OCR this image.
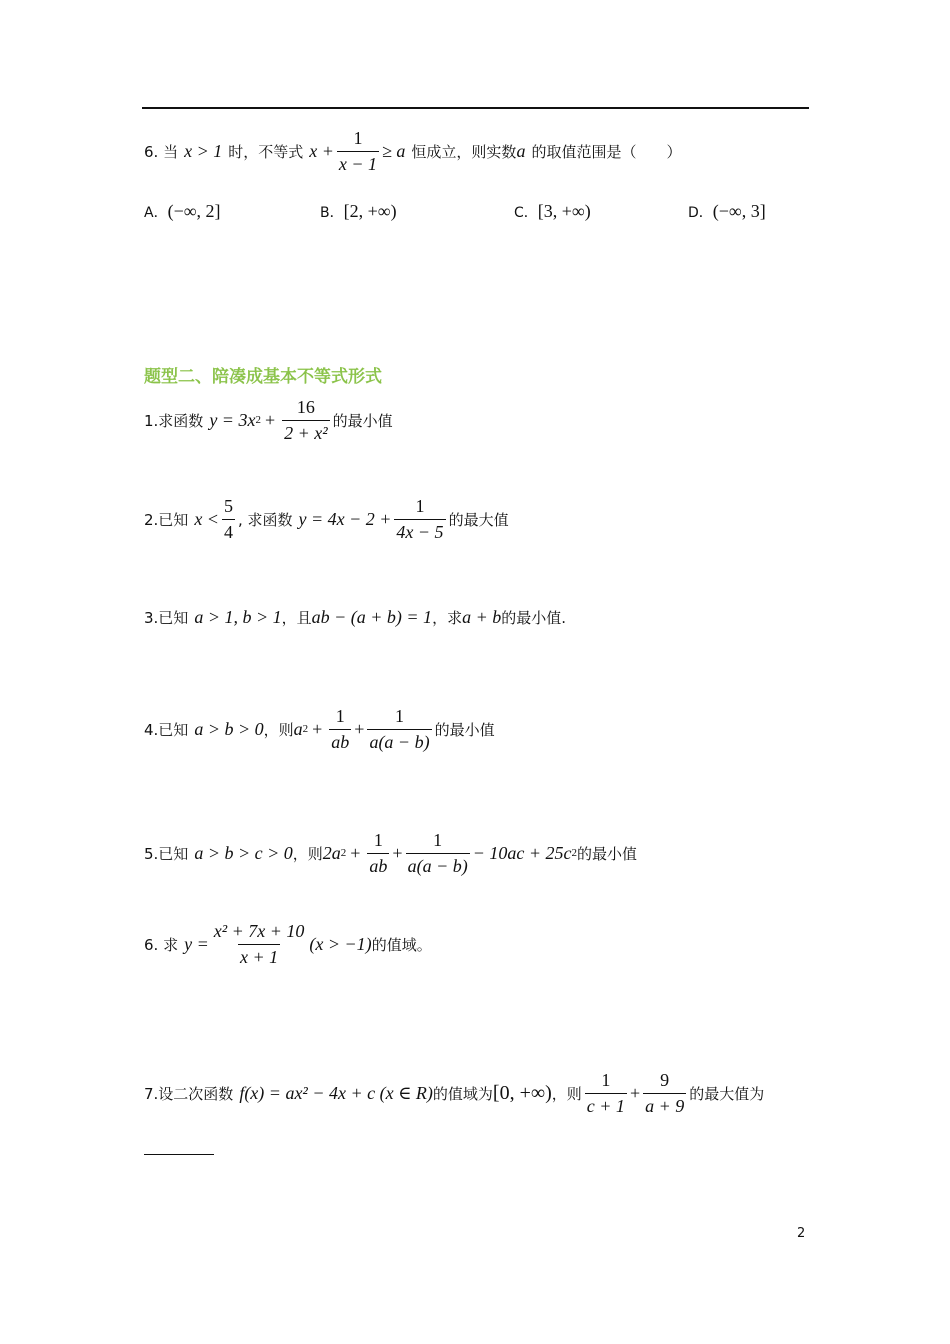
6. 当 x > 1 时，不等式 $x + \frac{1}{x - 1} \ge a$ 恒成立，则实数 a 的取值范围是（　　）
A．(−∞, 2]	B．[2, +∞)	C．[3, +∞)	D．(−∞, 3]
题型二、陪凑成基本不等式形式
1.求函数 y = 3x $2 + \frac{16}{\text{2 + x²}}$ 的最小值
2.已知 $x < \frac{5}{4}$ , 求函数 $y = 4x - 2 + \frac{1}{4x - 5}$ 的最大值
3.已知 a > 1, b > 1 ，且 ab − (a + b) = 1 ，求 a + b 的最小值.
4.已知 a > b > 0 ，则 a $2 + \frac{1}{ab} + \frac{1}{a(a - b)}$ 的最小值
5.已知 a > b > c > 0 ，则 2a $2 + \frac{1}{ab} + \frac{1}{a(a - b)} - 10ac + 25c$ 2 的最小值
6. 求 $y = \frac{\text{x² + 7x + 10}}{x + 1} (x > -1)$ 的值域。
7.设二次函数 f(x) = ax² − 4x + c (x ∈ R) 的值域为 [0, +∞) ，则 $\frac{1}{c + 1} + \frac{9}{a + 9}$ 的最大值为
2
